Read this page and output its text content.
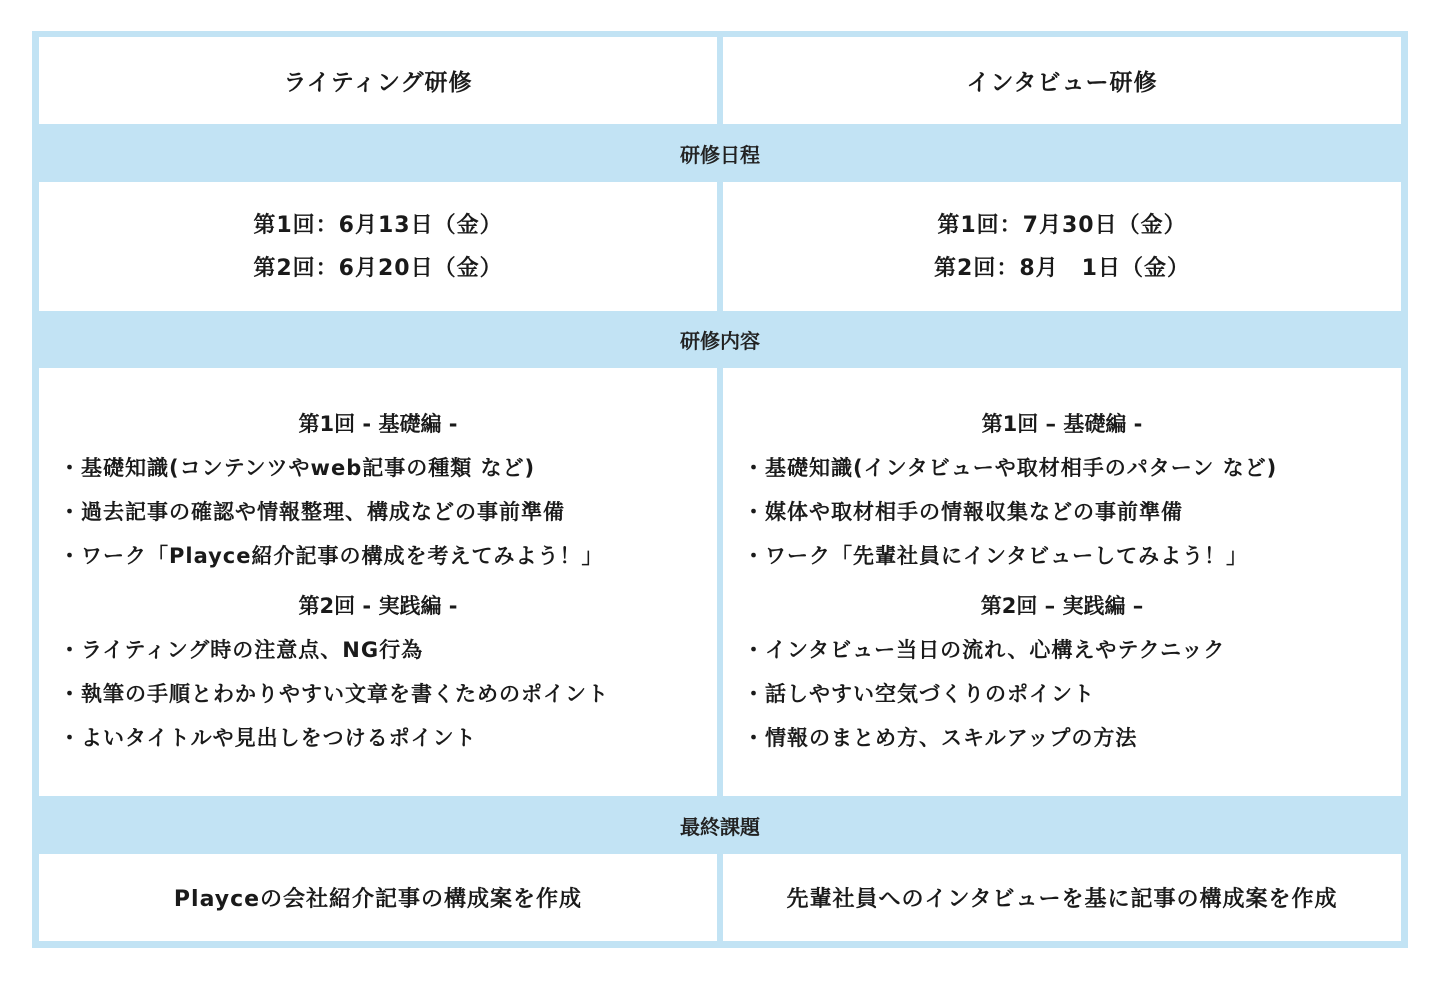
ライティング研修	インタビュー研修
研修日程
第1回：6月13日（金）
第2回：6月20日（金）
第1回：7月30日（金）
第2回：8月　1日（金）
研修内容
第1回 - 基礎編 -
・ 基礎知識(コンテンツやweb記事の種類 など)
・ 過去記事の確認や情報整理、構成などの事前準備
・ ワーク「Playce紹介記事の構成を考えてみよう！」
第2回 - 実践編 -
・ ライティング時の注意点、NG行為
・ 執筆の手順とわかりやすい文章を書くためのポイント
・ よいタイトルや見出しをつけるポイント
第1回 – 基礎編 -
・ 基礎知識(インタビューや取材相手のパターン など)
・ 媒体や取材相手の情報収集などの事前準備
・ ワーク「先輩社員にインタビューしてみよう！」
第2回 – 実践編 –
・ インタビュー当日の流れ、心構えやテクニック
・ 話しやすい空気づくりのポイント
・ 情報のまとめ方、スキルアップの方法
最終課題
Playceの会社紹介記事の構成案を作成	先輩社員へのインタビューを基に記事の構成案を作成
